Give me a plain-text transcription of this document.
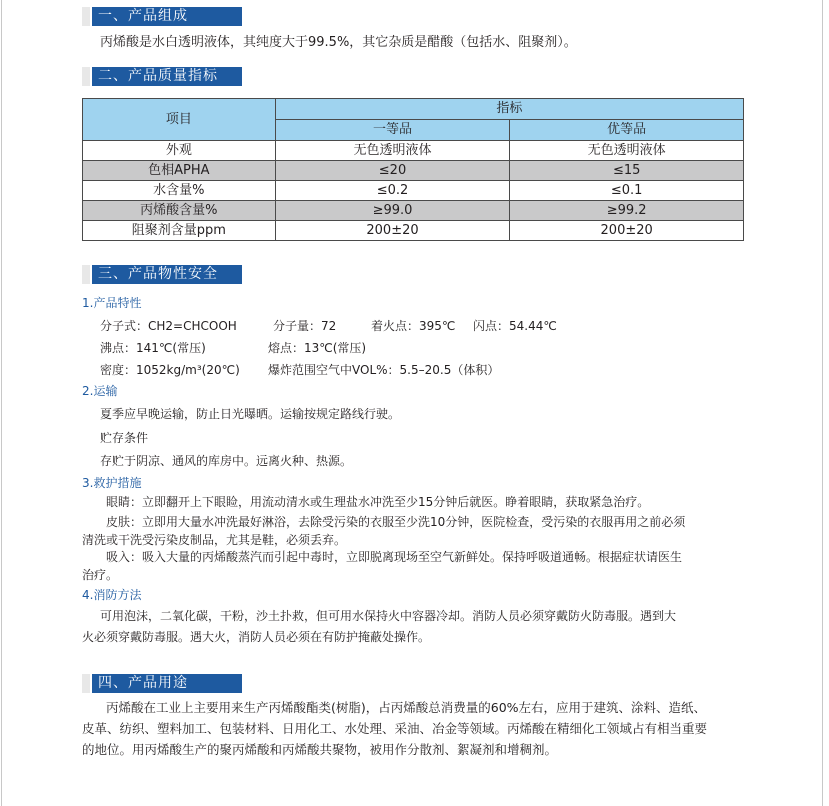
一、产品组成
丙烯酸是水白透明液体，其纯度大于99.5%，其它杂质是醋酸（包括水、阻聚剂）。
二、产品质量指标
项目	指标	
	一等品	优等品
外观	无色透明液体	无色透明液体
色相APHA	≤20	≤15
水含量%	≤0.2	≤0.1
丙烯酸含量%	≥99.0	≥99.2
阻聚剂含量ppm	200±20	200±20
三、产品物性安全
1.产品特性
分子式：CH2=CHCOOH	分子量：72	着火点：395℃ 闪点：54.44℃
沸点：141℃(常压)	熔点：13℃(常压)
密度：1052kg/m³(20℃) 爆炸范围空气中VOL%：5.5–20.5（体积）
2.运输
夏季应早晚运输，防止日光曝晒。运输按规定路线行驶。
贮存条件
存贮于阴凉、通风的库房中。远离火种、热源。
3.救护措施
眼睛：立即翻开上下眼睑，用流动清水或生理盐水冲洗至少15分钟后就医。睁着眼睛，获取紧急治疗。
皮肤：立即用大量水冲洗最好淋浴，去除受污染的衣服至少洗10分钟，医院检查，受污染的衣服再用之前必须
清洗或干洗受污染皮制品，尤其是鞋，必须丢弃。
吸入：吸入大量的丙烯酸蒸汽而引起中毒时，立即脱离现场至空气新鲜处。保持呼吸道通畅。根据症状请医生
治疗。
4.消防方法
可用泡沫，二氧化碳，干粉，沙土扑救，但可用水保持火中容器冷却。消防人员必须穿戴防火防毒服。遇到大
火必须穿戴防毒服。遇大火，消防人员必须在有防护掩蔽处操作。
四、产品用途
丙烯酸在工业上主要用来生产丙烯酸酯类(树脂)，占丙烯酸总消费量的60%左右，应用于建筑、涂料、造纸、
皮革、纺织、塑料加工、包装材料、日用化工、水处理、采油、冶金等领域。丙烯酸在精细化工领域占有相当重要
的地位。用丙烯酸生产的聚丙烯酸和丙烯酸共聚物，被用作分散剂、絮凝剂和增稠剂。
